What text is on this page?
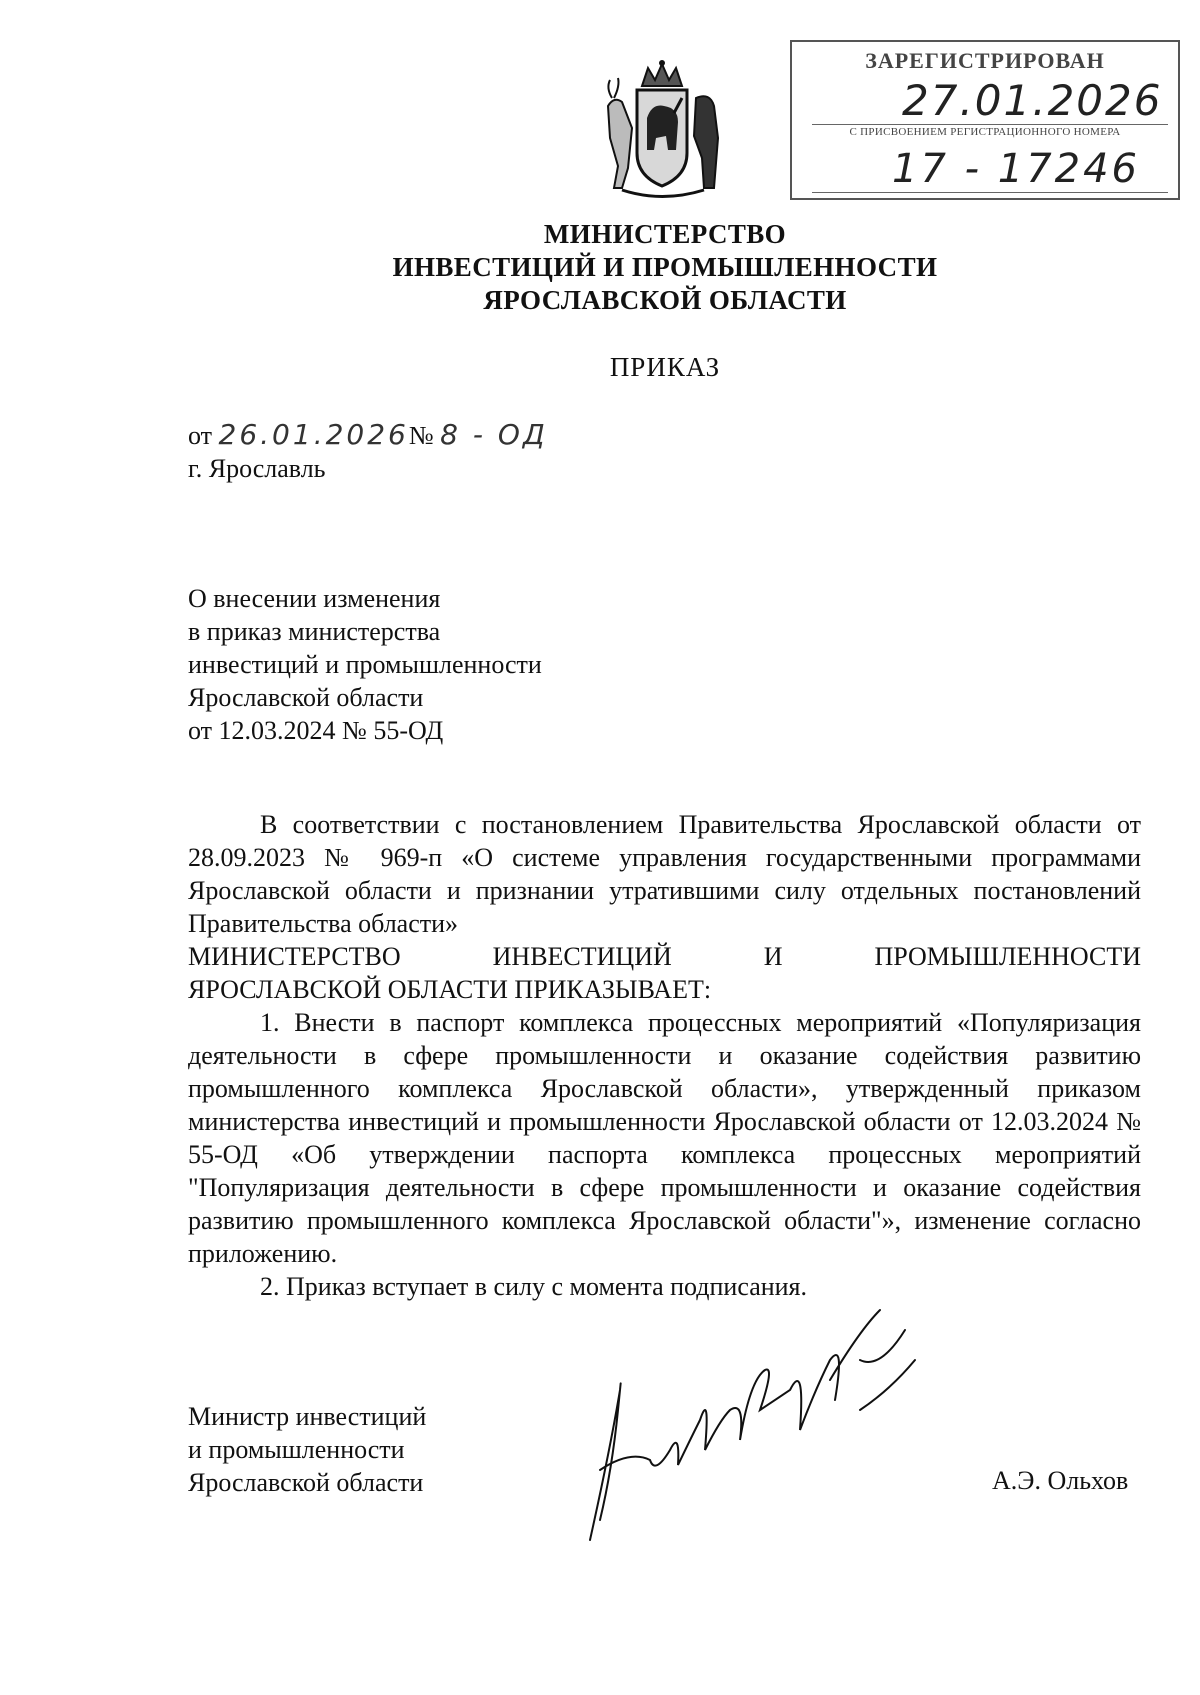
ЗАРЕГИСТРИРОВАН
27.01.2026
С ПРИСВОЕНИЕМ РЕГИСТРАЦИОННОГО НОМЕРА
17 - 17246
МИНИСТЕРСТВО
ИНВЕСТИЦИЙ И ПРОМЫШЛЕННОСТИ
ЯРОСЛАВСКОЙ ОБЛАСТИ
ПРИКАЗ
от 26.01.2026№ 8 - ОД
г. Ярославль
О внесении изменения
в приказ министерства
инвестиций и промышленности
Ярославской области
от 12.03.2024 № 55-ОД

В соответствии с постановлением Правительства Ярославской области от 28.09.2023 № 969-п «О системе управления государственными программами Ярославской области и признании утратившими силу отдельных постановлений Правительства области»

МИНИСТЕРСТВО ИНВЕСТИЦИЙ И ПРОМЫШЛЕННОСТИ

ЯРОСЛАВСКОЙ ОБЛАСТИ ПРИКАЗЫВАЕТ:

1. Внести в паспорт комплекса процессных мероприятий «Популяризация деятельности в сфере промышленности и оказание содействия развитию промышленного комплекса Ярославской области», утвержденный приказом министерства инвестиций и промышленности Ярославской области от 12.03.2024 № 55-ОД «Об утверждении паспорта комплекса процессных мероприятий "Популяризация деятельности в сфере промышленности и оказание содействия развитию промышленного комплекса Ярославской области"», изменение согласно приложению.

2. Приказ вступает в силу с момента подписания.

Министр инвестиций
и промышленности
Ярославской области	А.Э. Ольхов
